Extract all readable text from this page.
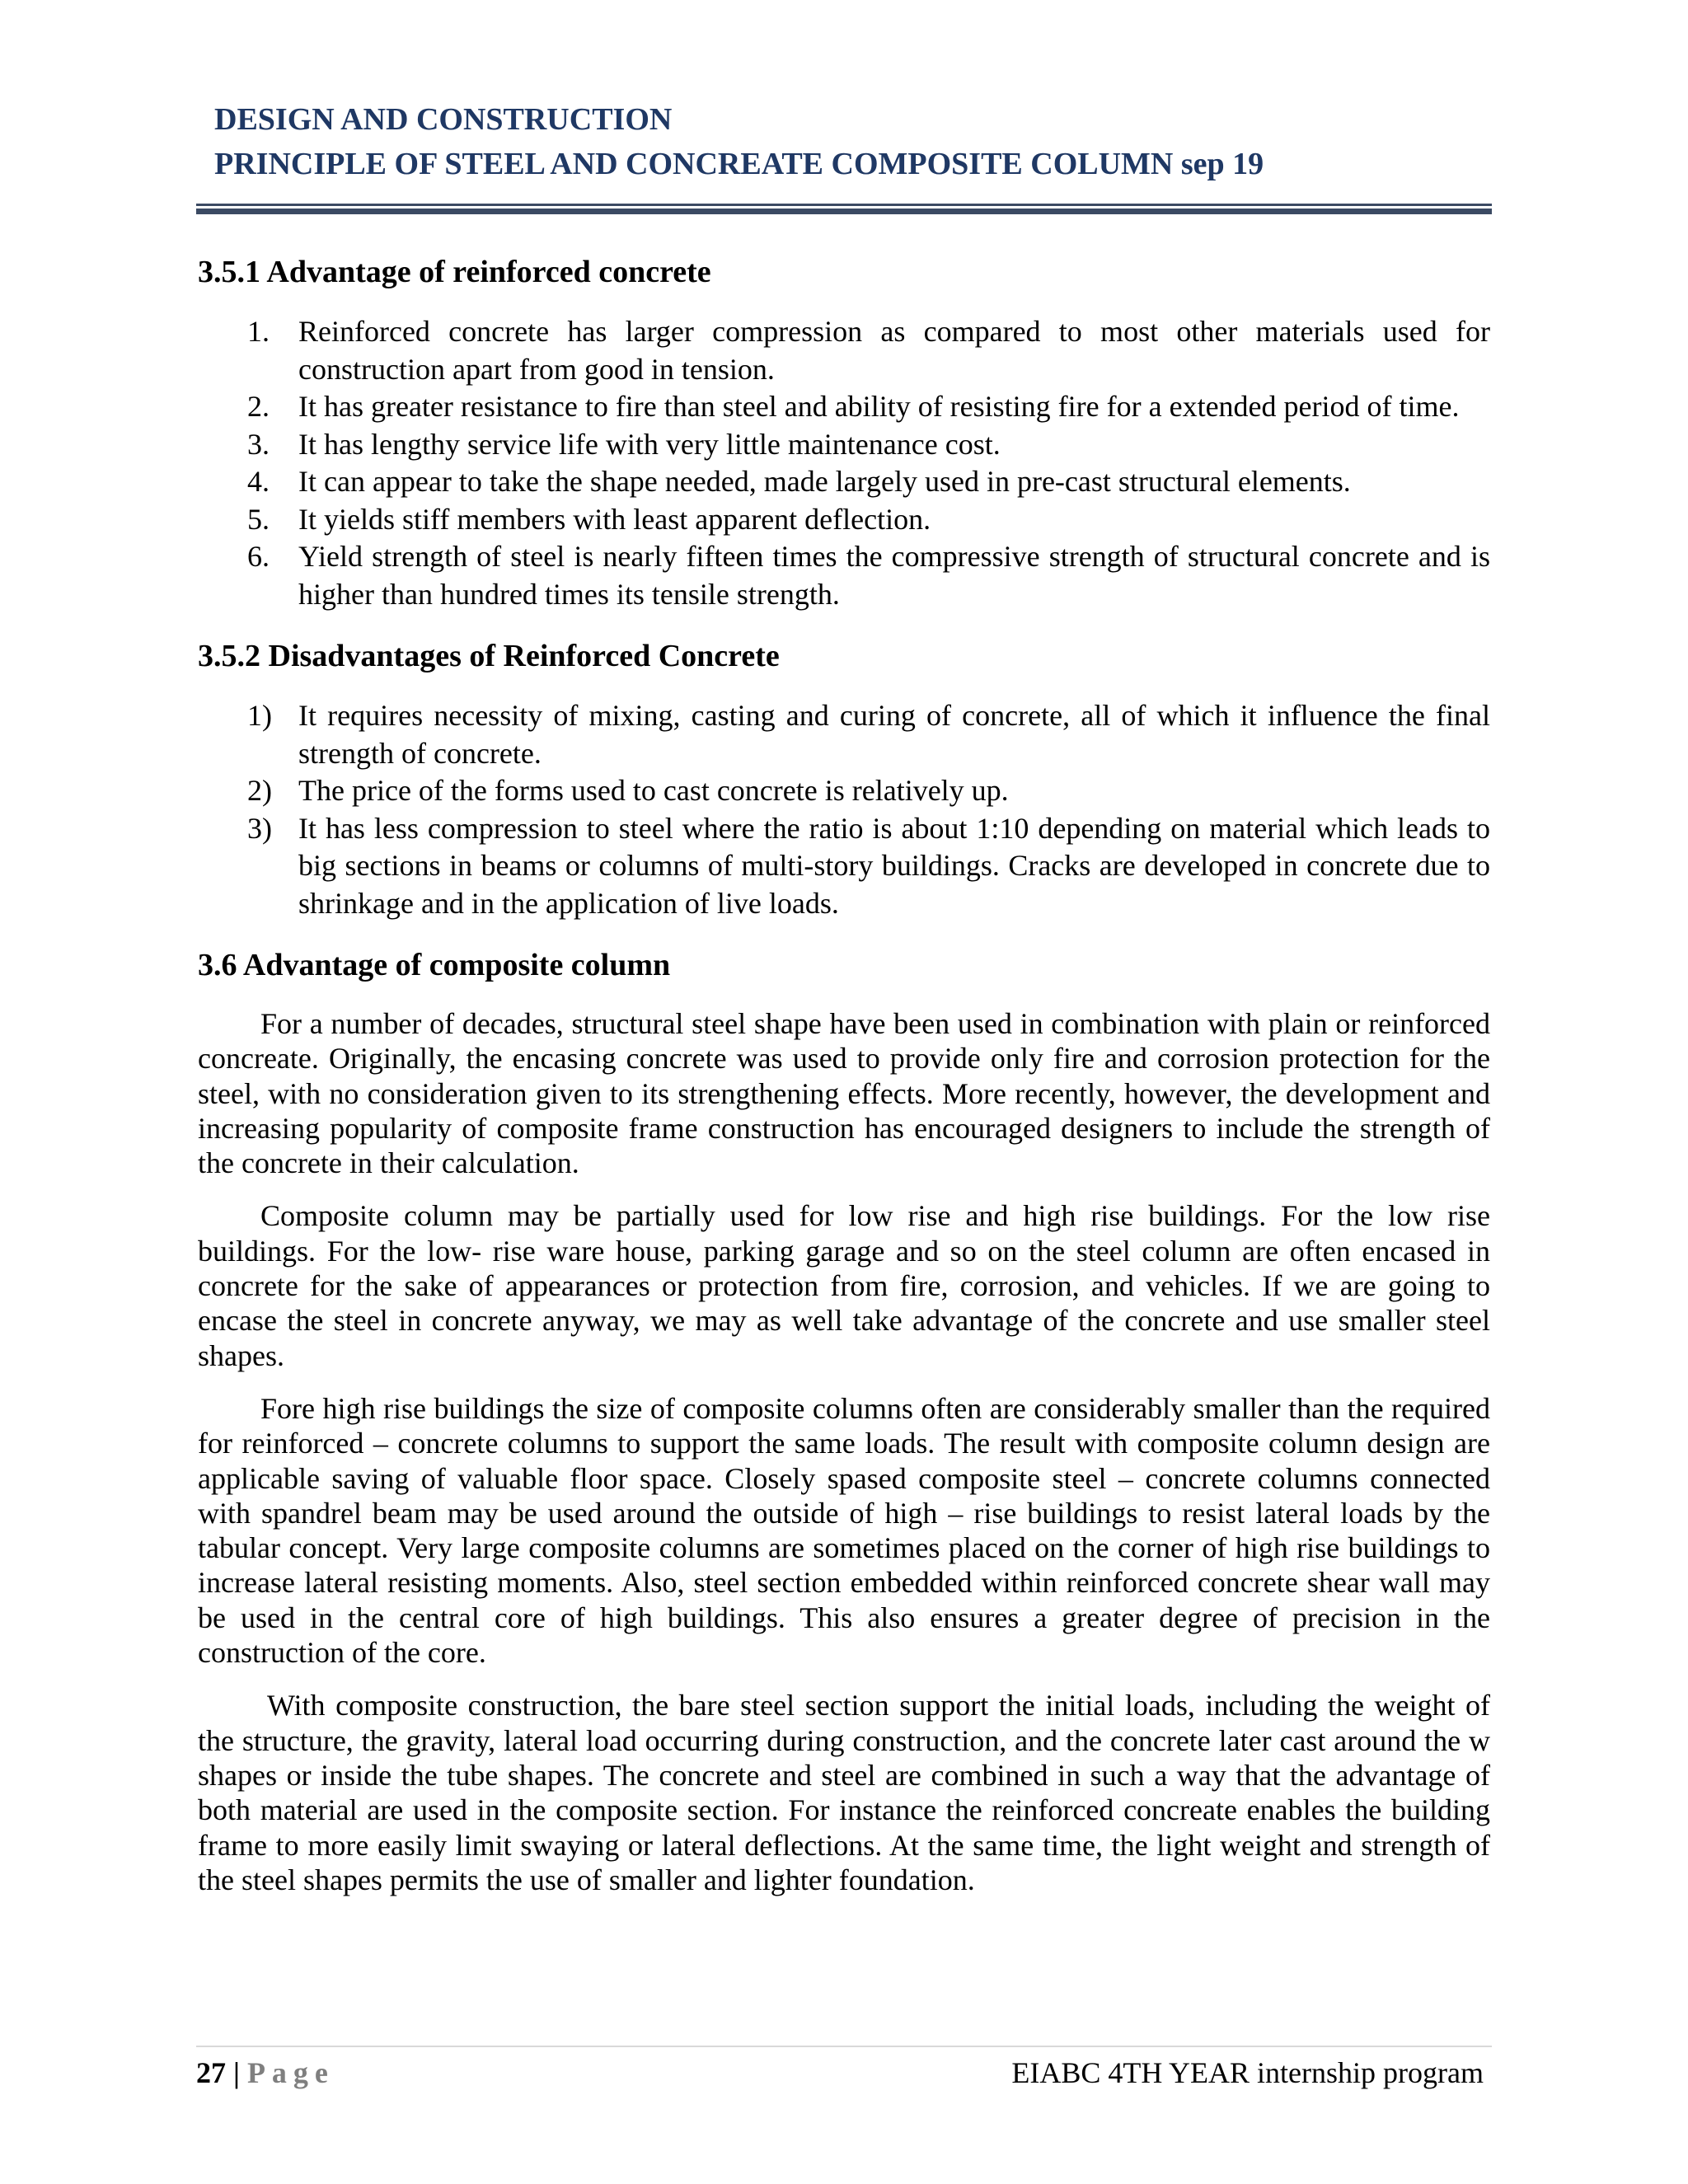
DESIGN AND CONSTRUCTION

PRINCIPLE OF STEEL AND CONCREATE COMPOSITE COLUMN sep 19

3.5.1 Advantage of reinforced concrete
1. Reinforced concrete has larger compression as compared to most other materials used for construction apart from good in tension.
2. It has greater resistance to fire than steel and ability of resisting fire for a extended period of time.
3. It has lengthy service life with very little maintenance cost.
4. It can appear to take the shape needed, made largely used in pre-cast structural elements.
5. It yields stiff members with least apparent deflection.
6. Yield strength of steel is nearly fifteen times the compressive strength of structural concrete and is higher than hundred times its tensile strength.
3.5.2 Disadvantages of Reinforced Concrete
1) It requires necessity of mixing, casting and curing of concrete, all of which it influence the final strength of concrete.
2) The price of the forms used to cast concrete is relatively up.
3) It has less compression to steel where the ratio is about 1:10 depending on material which leads to big sections in beams or columns of multi-story buildings. Cracks are developed in concrete due to shrinkage and in the application of live loads.
3.6 Advantage of composite column

For a number of decades, structural steel shape have been used in combination with plain or reinforced concreate. Originally, the encasing concrete was used to provide only fire and corrosion protection for the steel, with no consideration given to its strengthening effects. More recently, however, the development and increasing popularity of composite frame construction has encouraged designers to include the strength of the concrete in their calculation.

Composite column may be partially used for low rise and high rise buildings. For the low rise buildings. For the low- rise ware house, parking garage and so on the steel column are often encased in concrete for the sake of appearances or protection from fire, corrosion, and vehicles. If we are going to encase the steel in concrete anyway, we may as well take advantage of the concrete and use smaller steel shapes.

Fore high rise buildings the size of composite columns often are considerably smaller than the required for reinforced – concrete columns to support the same loads. The result with composite column design are applicable saving of valuable floor space. Closely spased composite steel – concrete columns connected with spandrel beam may be used around the outside of high – rise buildings to resist lateral loads by the tabular concept. Very large composite columns are sometimes placed on the corner of high rise buildings to increase lateral resisting moments. Also, steel section embedded within reinforced concrete shear wall may be used in the central core of high buildings. This also ensures a greater degree of precision in the construction of the core.

With composite construction, the bare steel section support the initial loads, including the weight of the structure, the gravity, lateral load occurring during construction, and the concrete later cast around the w shapes or inside the tube shapes. The concrete and steel are combined in such a way that the advantage of both material are used in the composite section. For instance the reinforced concreate enables the building frame to more easily limit swaying or lateral deflections. At the same time, the light weight and strength of the steel shapes permits the use of smaller and lighter foundation.

27 | Page	EIABC 4TH YEAR internship program
